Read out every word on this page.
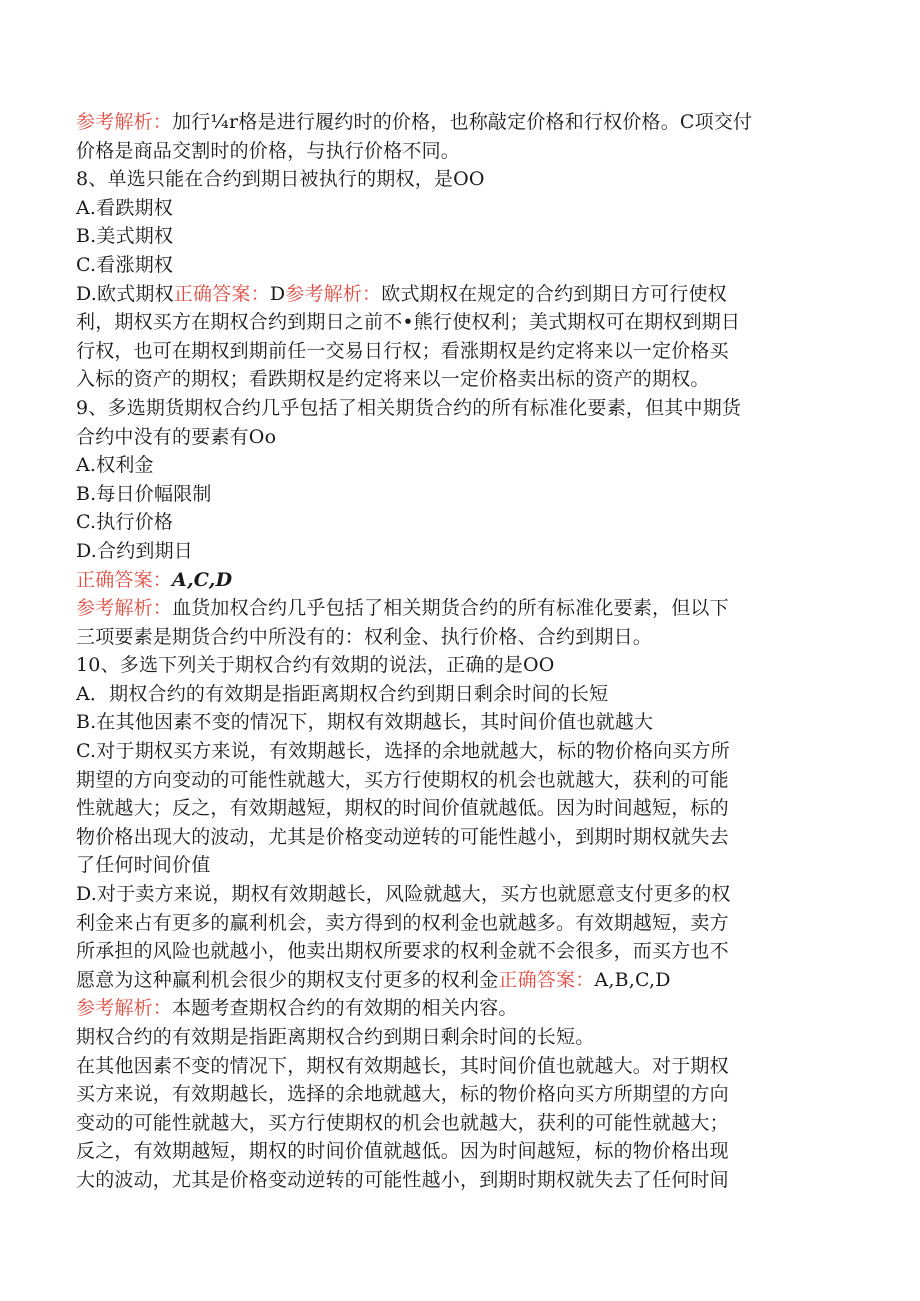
参考解析：加行¼r格是进行履约时的价格，也称敲定价格和行权价格。C项交付
价格是商品交割时的价格，与执行价格不同。
8、单选只能在合约到期日被执行的期权，是OO
A.看跌期权
B.美式期权
C.看涨期权
D.欧式期权正确答案：D参考解析：欧式期权在规定的合约到期日方可行使权
利，期权买方在期权合约到期日之前不•熊行使权利；美式期权可在期权到期日
行权，也可在期权到期前任一交易日行权；看涨期权是约定将来以一定价格买
入标的资产的期权；看跌期权是约定将来以一定价格卖出标的资产的期权。
9、多选期货期权合约几乎包括了相关期货合约的所有标准化要素，但其中期货
合约中没有的要素有Oo
A.权利金
B.每日价幅限制
C.执行价格
D.合约到期日
正确答案：A,C,D
参考解析：血货加权合约几乎包括了相关期货合约的所有标准化要素，但以下
三项要素是期货合约中所没有的：权利金、执行价格、合约到期日。
10、多选下列关于期权合约有效期的说法，正确的是OO
A．期权合约的有效期是指距离期权合约到期日剩余时间的长短
B.在其他因素不变的情况下，期权有效期越长，其时间价值也就越大
C.对于期权买方来说，有效期越长，选择的余地就越大，标的物价格向买方所
期望的方向变动的可能性就越大，买方行使期权的机会也就越大，获利的可能
性就越大；反之，有效期越短，期权的时间价值就越低。因为时间越短，标的
物价格出现大的波动，尤其是价格变动逆转的可能性越小，到期时期权就失去
了任何时间价值
D.对于卖方来说，期权有效期越长，风险就越大，买方也就愿意支付更多的权
利金来占有更多的赢利机会，卖方得到的权利金也就越多。有效期越短，卖方
所承担的风险也就越小，他卖出期权所要求的权利金就不会很多，而买方也不
愿意为这种赢利机会很少的期权支付更多的权利金正确答案：A,B,C,D
参考解析：本题考查期权合约的有效期的相关内容。
期权合约的有效期是指距离期权合约到期日剩余时间的长短。
在其他因素不变的情况下，期权有效期越长，其时间价值也就越大。对于期权
买方来说，有效期越长，选择的余地就越大，标的物价格向买方所期望的方向
变动的可能性就越大，买方行使期权的机会也就越大，获利的可能性就越大；
反之，有效期越短，期权的时间价值就越低。因为时间越短，标的物价格出现
大的波动，尤其是价格变动逆转的可能性越小，到期时期权就失去了任何时间
